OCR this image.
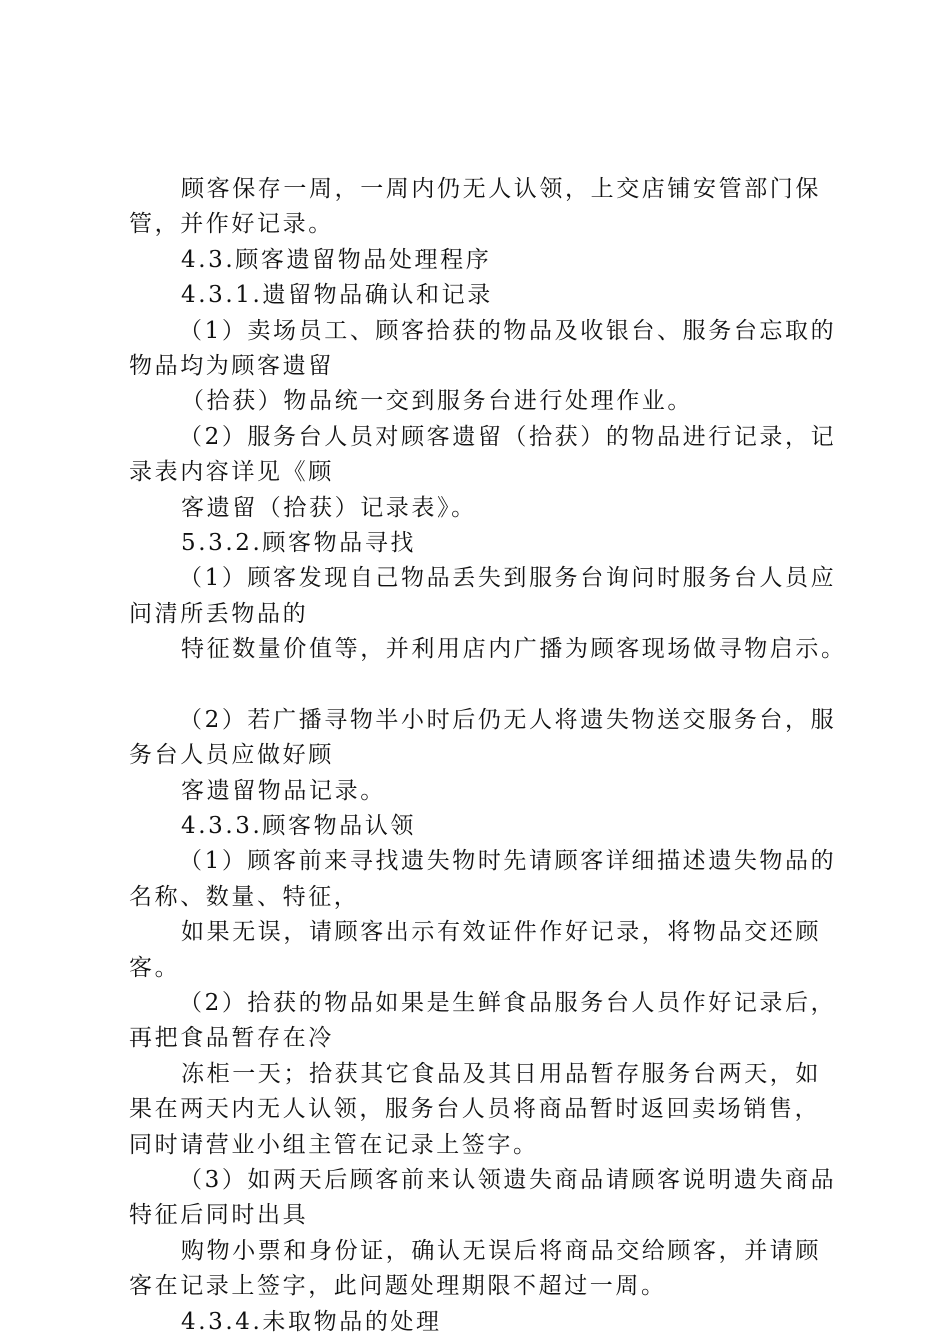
顾客保存一周，一周内仍无人认领，上交店铺安管部门保
管，并作好记录。
4.3.顾客遗留物品处理程序
4.3.1.遗留物品确认和记录
（1）卖场员工、顾客拾获的物品及收银台、服务台忘取的
物品均为顾客遗留
（拾获）物品统一交到服务台进行处理作业。
（2）服务台人员对顾客遗留（拾获）的物品进行记录，记
录表内容详见《顾
客遗留（拾获）记录表》。
5.3.2.顾客物品寻找
（1）顾客发现自己物品丢失到服务台询问时服务台人员应
问清所丢物品的
特征数量价值等，并利用店内广播为顾客现场做寻物启示。
（2）若广播寻物半小时后仍无人将遗失物送交服务台，服
务台人员应做好顾
客遗留物品记录。
4.3.3.顾客物品认领
（1）顾客前来寻找遗失物时先请顾客详细描述遗失物品的
名称、数量、特征，
如果无误，请顾客出示有效证件作好记录，将物品交还顾
客。
（2）拾获的物品如果是生鲜食品服务台人员作好记录后，
再把食品暂存在冷
冻柜一天；拾获其它食品及其日用品暂存服务台两天，如
果在两天内无人认领，服务台人员将商品暂时返回卖场销售，
同时请营业小组主管在记录上签字。
（3）如两天后顾客前来认领遗失商品请顾客说明遗失商品
特征后同时出具
购物小票和身份证，确认无误后将商品交给顾客，并请顾
客在记录上签字，此问题处理期限不超过一周。
4.3.4.未取物品的处理
